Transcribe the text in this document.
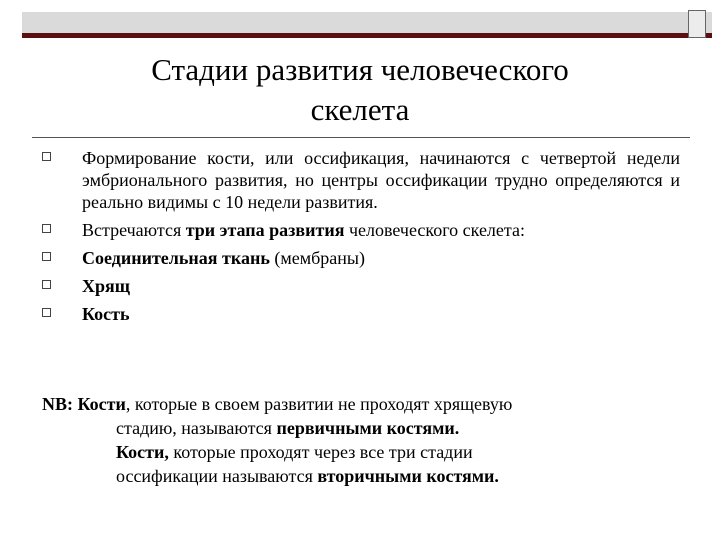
Стадии развития человеческого
скелета
Формирование кости, или оссификация, начинаются с четвертой недели эмбрионального развития, но центры оссификации трудно определяются и реально видимы с 10 недели развития.
Встречаются три этапа развития человеческого скелета:
Соединительная ткань (мембраны)
Хрящ
Кость
NB: Кости, которые в своем развитии не проходят хрящевую
стадию, называются первичными костями.
Кости, которые проходят через все три стадии
оссификации называются вторичными костями.
